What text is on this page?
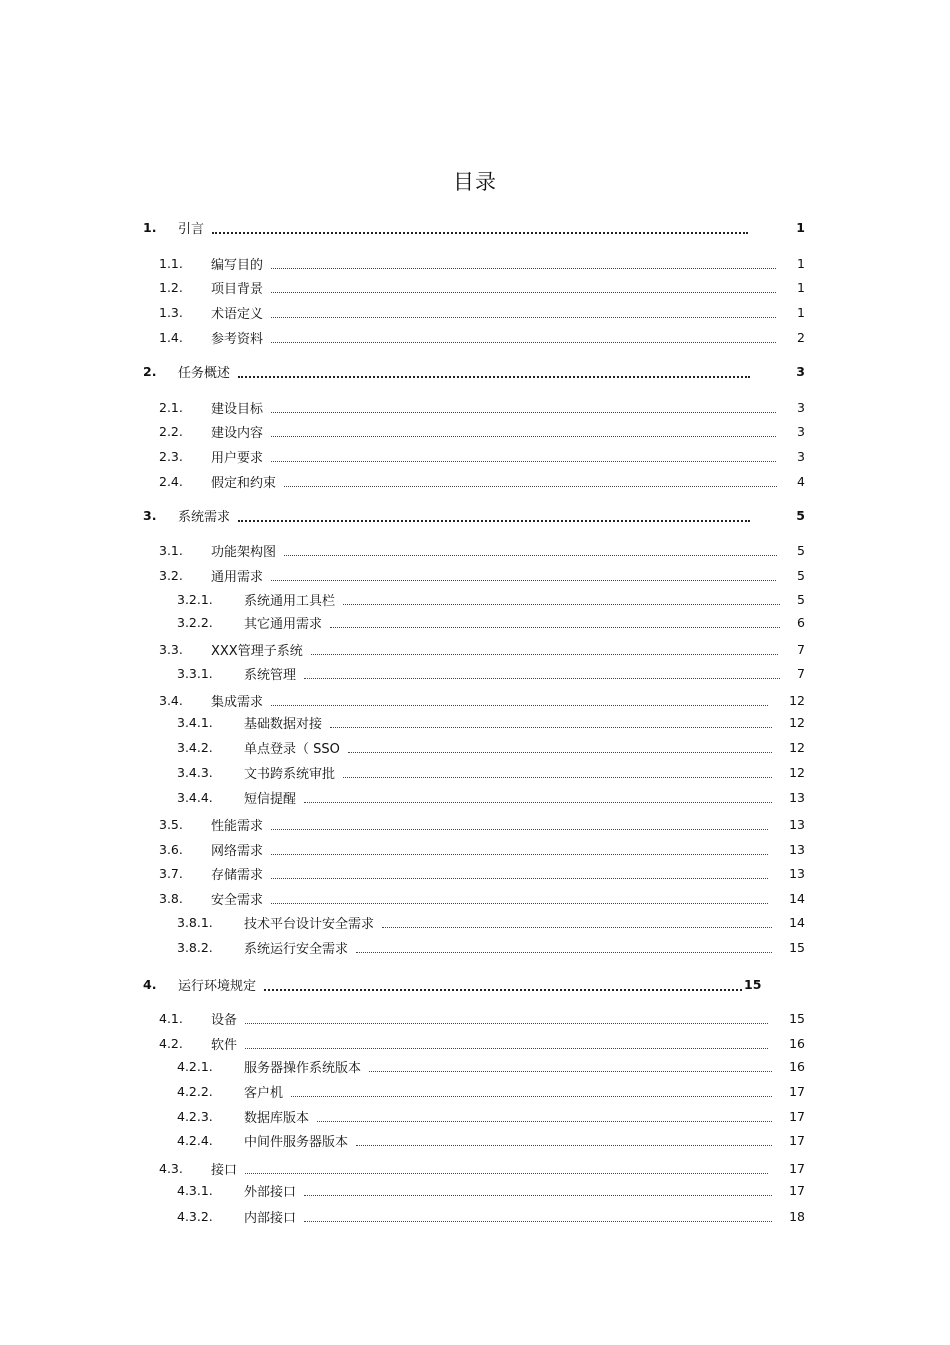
目录
1. 引言	1
1.1. 编写目的	1
1.2. 项目背景	1
1.3. 术语定义	1
1.4. 参考资料	2
2. 任务概述	3
2.1. 建设目标	3
2.2. 建设内容	3
2.3. 用户要求	3
2.4. 假定和约束	4
3. 系统需求	5
3.1. 功能架构图	5
3.2. 通用需求	5
3.2.1. 系统通用工具栏	5
3.2.2. 其它通用需求	6
3.3. XXX管理子系统	7
3.3.1. 系统管理	7
3.4. 集成需求	12
3.4.1. 基础数据对接	12
3.4.2. 单点登录（ SSO	12
3.4.3. 文书跨系统审批	12
3.4.4. 短信提醒	13
3.5. 性能需求	13
3.6. 网络需求	13
3.7. 存储需求	13
3.8. 安全需求	14
3.8.1. 技术平台设计安全需求	14
3.8.2. 系统运行安全需求	15
4. 运行环境规定	15
4.1. 设备	15
4.2. 软件	16
4.2.1. 服务器操作系统版本	16
4.2.2. 客户机	17
4.2.3. 数据库版本	17
4.2.4. 中间件服务器版本	17
4.3. 接口	17
4.3.1. 外部接口	17
4.3.2. 内部接口	18
